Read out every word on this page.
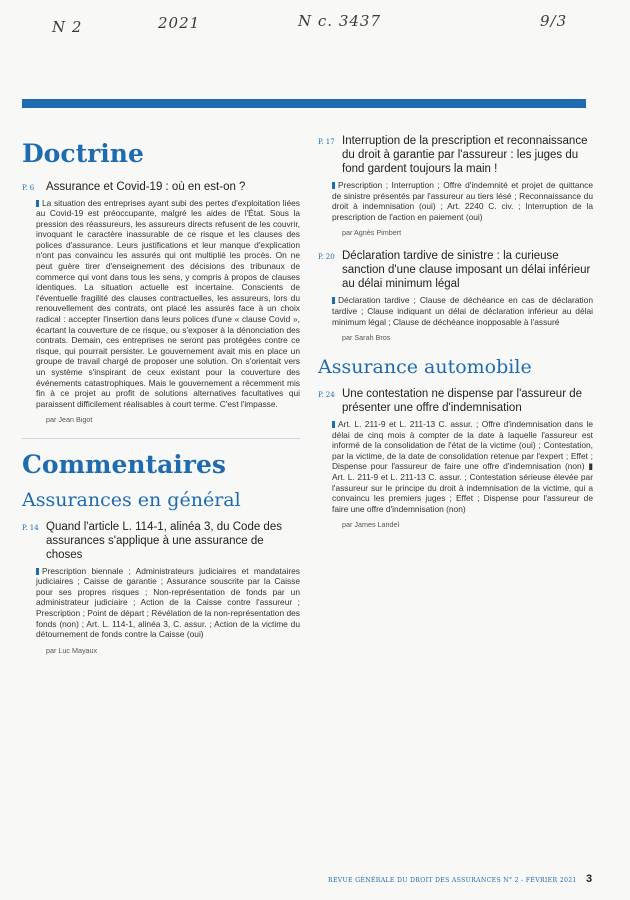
N 2	2021	N c. 3437	9/3
Doctrine

P. 6 Assurance et Covid-19 : où en est-on ?

La situation des entreprises ayant subi des pertes d'exploitation liées au Covid-19 est préoccupante, malgré les aides de l'État. Sous la pression des réassureurs, les assureurs directs refusent de les couvrir, invoquant le caractère inassurable de ce risque et les clauses des polices d'assurance. Leurs justifications et leur manque d'explication n'ont pas convaincu les assurés qui ont multiplié les procès. On ne peut guère tirer d'enseignement des décisions des tribunaux de commerce qui vont dans tous les sens, y compris à propos de clauses identiques. La situation actuelle est incertaine. Conscients de l'éventuelle fragilité des clauses contractuelles, les assureurs, lors du renouvellement des contrats, ont placé les assurés face à un choix radical : accepter l'insertion dans leurs polices d'une « clause Covid », écartant la couverture de ce risque, ou s'exposer à la dénonciation des contrats. Demain, ces entreprises ne seront pas protégées contre ce risque, qui pourrait persister. Le gouvernement avait mis en place un groupe de travail chargé de proposer une solution. On s'orientait vers un système s'inspirant de ceux existant pour la couverture des événements catastrophiques. Mais le gouvernement a récemment mis fin à ce projet au profit de solutions alternatives facultatives qui paraissent difficilement réalisables à court terme. C'est l'impasse.

par Jean Bigot

Commentaires
Assurances en général

P. 14 Quand l'article L. 114-1, alinéa 3, du Code des assurances s'applique à une assurance de choses

Prescription biennale ; Administrateurs judiciaires et mandataires judiciaires ; Caisse de garantie ; Assurance souscrite par la Caisse pour ses propres risques ; Non-représentation de fonds par un administrateur judiciaire ; Action de la Caisse contre l'assureur ; Prescription ; Point de départ ; Révélation de la non-représentation des fonds (non) ; Art. L. 114-1, alinéa 3, C. assur. ; Action de la victime du détournement de fonds contre la Caisse (oui)

par Luc Mayaux

P. 17 Interruption de la prescription et reconnaissance du droit à garantie par l'assureur : les juges du fond gardent toujours la main !

Prescription ; Interruption ; Offre d'indemnité et projet de quittance de sinistre présentés par l'assureur au tiers lésé ; Reconnaissance du droit à indemnisation (oui) ; Art. 2240 C. civ. ; Interruption de la prescription de l'action en paiement (oui)

par Agnès Pimbert

P. 20 Déclaration tardive de sinistre : la curieuse sanction d'une clause imposant un délai inférieur au délai minimum légal

Déclaration tardive ; Clause de déchéance en cas de déclaration tardive ; Clause indiquant un délai de déclaration inférieur au délai minimum légal ; Clause de déchéance inopposable à l'assuré

par Sarah Bros

Assurance automobile

P. 24 Une contestation ne dispense par l'assureur de présenter une offre d'indemnisation

Art. L. 211-9 et L. 211-13 C. assur. ; Offre d'indemnisation dans le délai de cinq mois à compter de la date à laquelle l'assureur est informé de la consolidation de l'état de la victime (oui) ; Contestation, par la victime, de la date de consolidation retenue par l'expert ; Effet ; Dispense pour l'assureur de faire une offre d'indemnisation (non) ▮ Art. L. 211-9 et L. 211-13 C. assur. ; Contestation sérieuse élevée par l'assureur sur le principe du droit à indemnisation de la victime, qui a convaincu les premiers juges ; Effet ; Dispense pour l'assureur de faire une offre d'indemnisation (non)

par James Landel

REVUE GÉNÉRALE DU DROIT DES ASSURANCES N° 2 - FÉVRIER 2021 3
